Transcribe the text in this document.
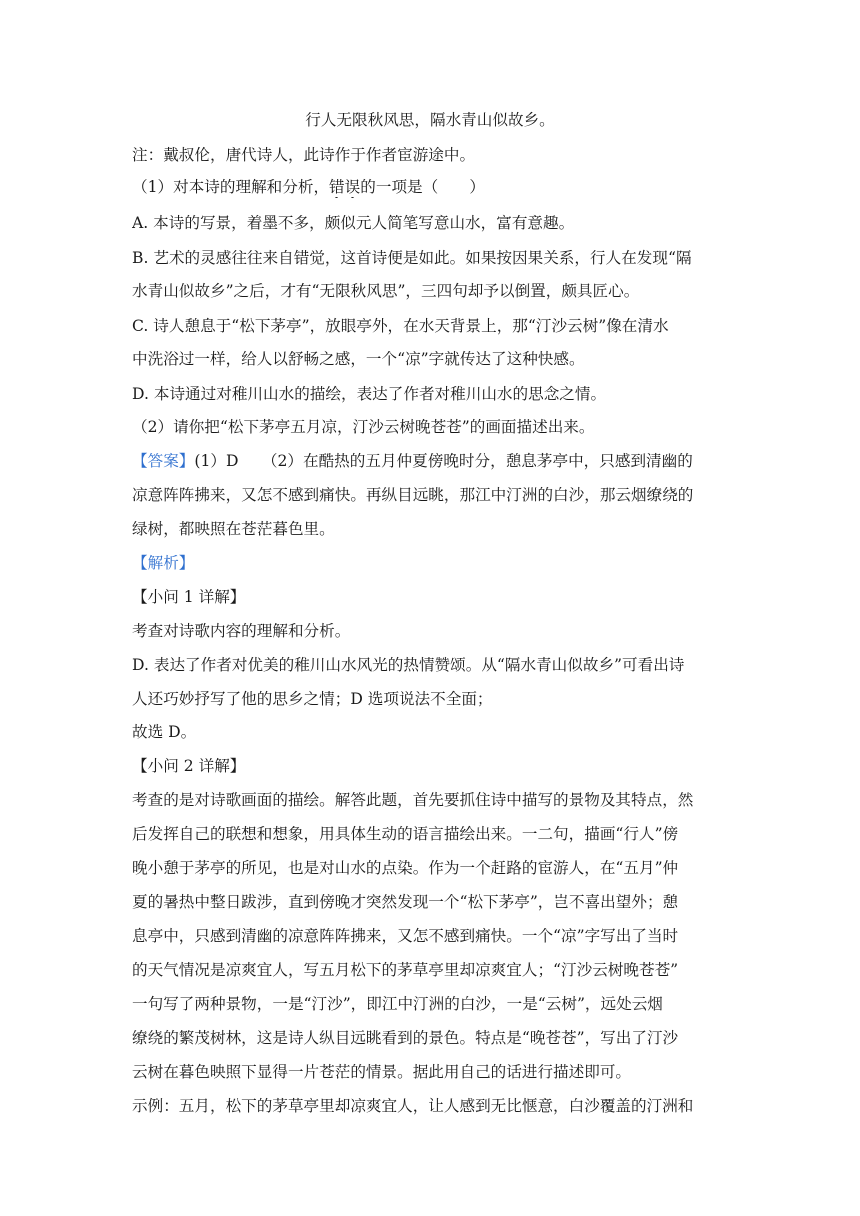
行人无限秋风思，隔水青山似故乡。
注：戴叔伦，唐代诗人，此诗作于作者宦游途中。
（1）对本诗的理解和分析，错误的一项是（　　）
A. 本诗的写景，着墨不多，颇似元人简笔写意山水，富有意趣。
B. 艺术的灵感往往来自错觉，这首诗便是如此。如果按因果关系，行人在发现“隔
水青山似故乡”之后，才有“无限秋风思”，三四句却予以倒置，颇具匠心。
C. 诗人憩息于“松下茅亭”，放眼亭外，在水天背景上，那“汀沙云树”像在清水
中洗浴过一样，给人以舒畅之感，一个“凉”字就传达了这种快感。
D. 本诗通过对稚川山水的描绘，表达了作者对稚川山水的思念之情。
（2）请你把“松下茅亭五月凉，汀沙云树晚苍苍”的画面描述出来。
【答案】(1）D　　（2）在酷热的五月仲夏傍晚时分，憩息茅亭中，只感到清幽的
凉意阵阵拂来，又怎不感到痛快。再纵目远眺，那江中汀洲的白沙，那云烟缭绕的
绿树，都映照在苍茫暮色里。
【解析】
【小问 1 详解】
考查对诗歌内容的理解和分析。
D. 表达了作者对优美的稚川山水风光的热情赞颂。从“隔水青山似故乡”可看出诗
人还巧妙抒写了他的思乡之情；D 选项说法不全面；
故选 D。
【小问 2 详解】
考查的是对诗歌画面的描绘。解答此题，首先要抓住诗中描写的景物及其特点，然
后发挥自己的联想和想象，用具体生动的语言描绘出来。一二句，描画“行人”傍
晚小憩于茅亭的所见，也是对山水的点染。作为一个赶路的宦游人，在“五月”仲
夏的暑热中整日跋涉，直到傍晚才突然发现一个“松下茅亭”，岂不喜出望外；憩
息亭中，只感到清幽的凉意阵阵拂来，又怎不感到痛快。一个“凉”字写出了当时
的天气情况是凉爽宜人，写五月松下的茅草亭里却凉爽宜人；“汀沙云树晚苍苍”
一句写了两种景物，一是“汀沙”，即江中汀洲的白沙，一是“云树”，远处云烟
缭绕的繁茂树林，这是诗人纵目远眺看到的景色。特点是“晚苍苍”，写出了汀沙
云树在暮色映照下显得一片苍茫的情景。据此用自己的话进行描述即可。
示例：五月，松下的茅草亭里却凉爽宜人，让人感到无比惬意，白沙覆盖的汀洲和
